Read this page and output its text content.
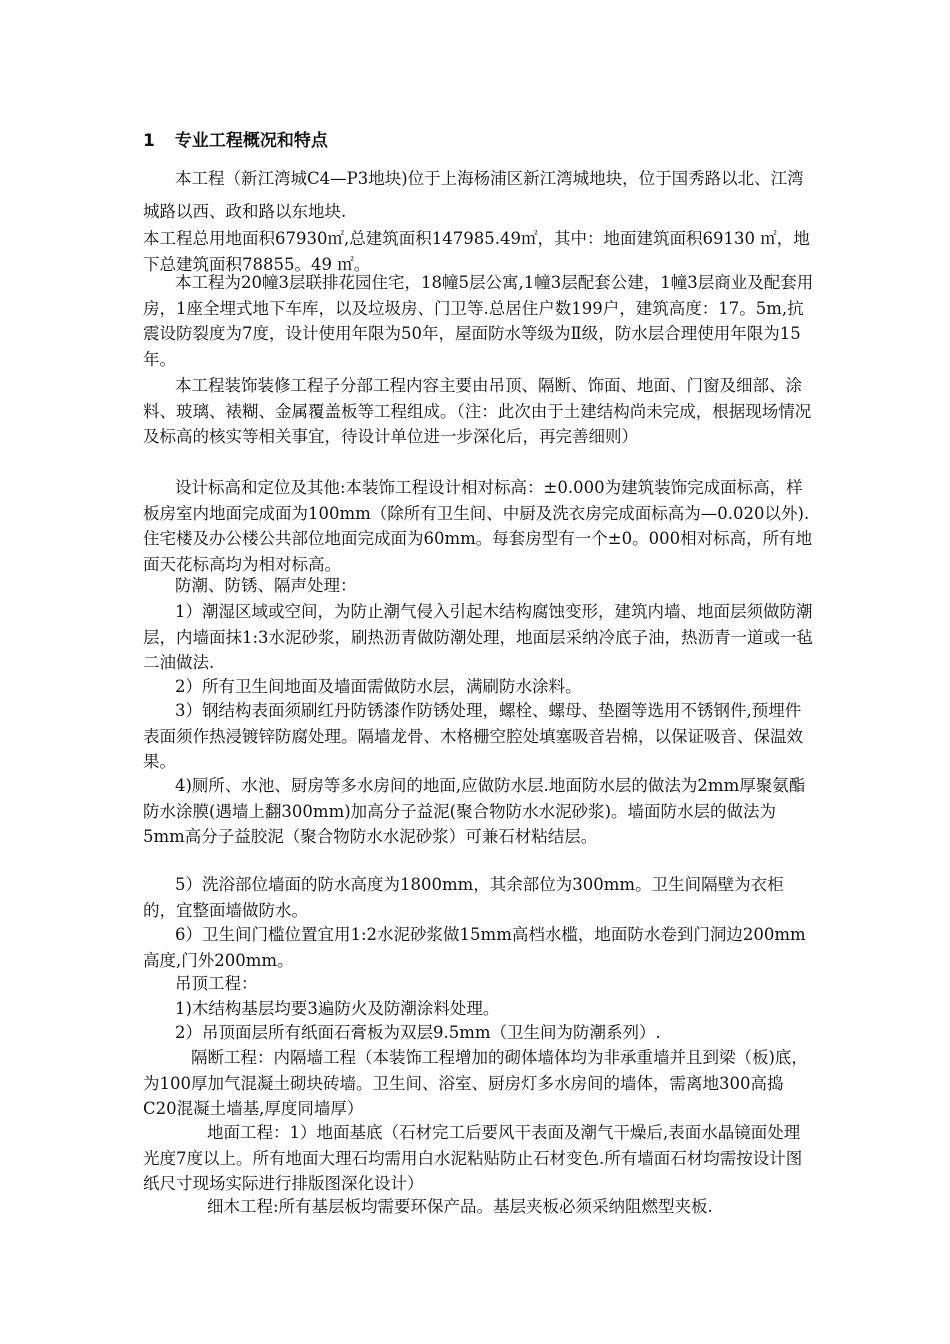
1 专业工程概况和特点

本工程（新江湾城C4—P3地块)位于上海杨浦区新江湾城地块，位于国秀路以北、江湾城路以西、政和路以东地块.

本工程总用地面积67930㎡,总建筑面积147985.49㎡，其中：地面建筑面积69130 ㎡，地下总建筑面积78855。49 ㎡。

本工程为20幢3层联排花园住宅，18幢5层公寓,1幢3层配套公建，1幢3层商业及配套用房，1座全埋式地下车库，以及垃圾房、门卫等.总居住户数199户，建筑高度：17。5m,抗震设防裂度为7度，设计使用年限为50年，屋面防水等级为Ⅱ级，防水层合理使用年限为15年。

本工程装饰装修工程子分部工程内容主要由吊顶、隔断、饰面、地面、门窗及细部、涂料、玻璃、裱糊、金属覆盖板等工程组成。（注：此次由于土建结构尚未完成，根据现场情况及标高的核实等相关事宜，待设计单位进一步深化后，再完善细则）

设计标高和定位及其他:本装饰工程设计相对标高：±0.000为建筑装饰完成面标高，样板房室内地面完成面为100mm（除所有卫生间、中厨及洗衣房完成面标高为—0.020以外).住宅楼及办公楼公共部位地面完成面为60mm。每套房型有一个±0。000相对标高，所有地面天花标高均为相对标高。

防潮、防锈、隔声处理：

1）潮湿区域或空间，为防止潮气侵入引起木结构腐蚀变形，建筑内墙、地面层须做防潮层，内墙面抹1:3水泥砂浆，刷热沥青做防潮处理，地面层采纳冷底子油，热沥青一道或一毡二油做法.

2）所有卫生间地面及墙面需做防水层，满刷防水涂料。

3）钢结构表面须刷红丹防锈漆作防锈处理，螺栓、螺母、垫圈等选用不锈钢件,预埋件表面须作热浸镀锌防腐处理。隔墙龙骨、木格栅空腔处填塞吸音岩棉，以保证吸音、保温效果。

4)厕所、水池、厨房等多水房间的地面,应做防水层.地面防水层的做法为2mm厚聚氨酯防水涂膜(遇墙上翻300mm)加高分子益泥(聚合物防水水泥砂浆)。墙面防水层的做法为5mm高分子益胶泥（聚合物防水水泥砂浆）可兼石材粘结层。

5）洗浴部位墙面的防水高度为1800mm，其余部位为300mm。卫生间隔壁为衣柜的，宜整面墙做防水。

6）卫生间门槛位置宜用1:2水泥砂浆做15mm高档水槛，地面防水卷到门洞边200mm高度,门外200mm。

吊顶工程：

1)木结构基层均要3遍防火及防潮涂料处理。

2）吊顶面层所有纸面石膏板为双层9.5mm（卫生间为防潮系列）.

隔断工程：内隔墙工程（本装饰工程增加的砌体墙体均为非承重墙并且到梁（板)底，为100厚加气混凝土砌块砖墙。卫生间、浴室、厨房灯多水房间的墙体，需离地300高捣C20混凝土墙基,厚度同墙厚）

地面工程：1）地面基底（石材完工后要风干表面及潮气干燥后,表面水晶镜面处理光度7度以上。所有地面大理石均需用白水泥粘贴防止石材变色.所有墙面石材均需按设计图纸尺寸现场实际进行排版图深化设计）

细木工程:所有基层板均需要环保产品。基层夹板必须采纳阻燃型夹板.
